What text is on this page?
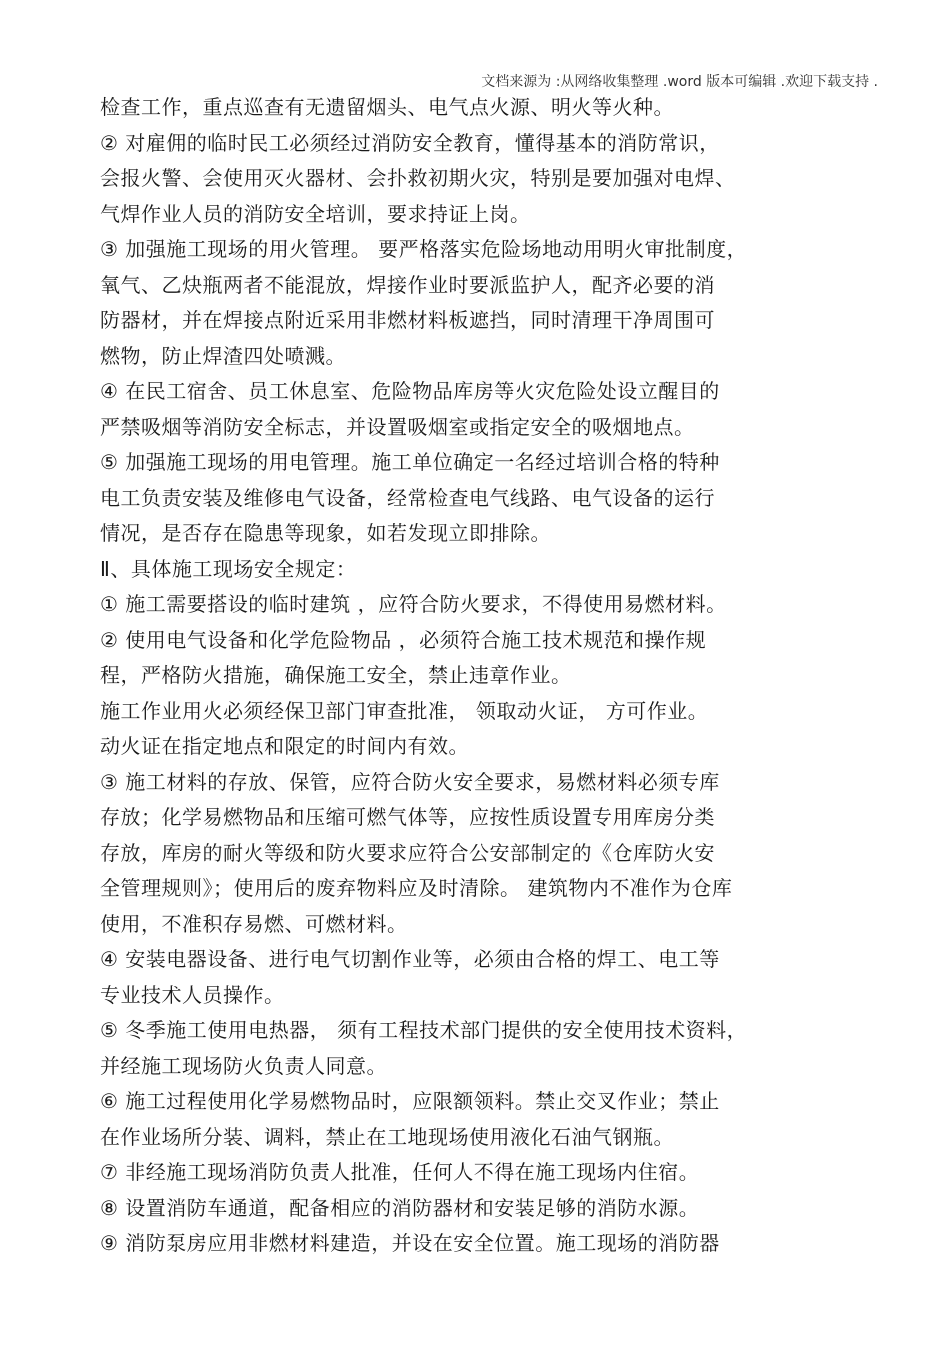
文档来源为 :从网络收集整理 .word 版本可编辑 .欢迎下载支持 .
检查工作，重点巡查有无遗留烟头、电气点火源、明火等火种。
② 对雇佣的临时民工必须经过消防安全教育，懂得基本的消防常识，
会报火警、会使用灭火器材、会扑救初期火灾，特别是要加强对电焊、
气焊作业人员的消防安全培训，要求持证上岗。
③ 加强施工现场的用火管理。 要严格落实危险场地动用明火审批制度，
氧气、乙炔瓶两者不能混放，焊接作业时要派监护人，配齐必要的消
防器材，并在焊接点附近采用非燃材料板遮挡，同时清理干净周围可
燃物，防止焊渣四处喷溅。
④ 在民工宿舍、员工休息室、危险物品库房等火灾危险处设立醒目的
严禁吸烟等消防安全标志，并设置吸烟室或指定安全的吸烟地点。
⑤ 加强施工现场的用电管理。施工单位确定一名经过培训合格的特种
电工负责安装及维修电气设备，经常检查电气线路、电气设备的运行
情况，是否存在隐患等现象，如若发现立即排除。
Ⅱ、具体施工现场安全规定：
① 施工需要搭设的临时建筑 ，应符合防火要求，不得使用易燃材料。
② 使用电气设备和化学危险物品 ，必须符合施工技术规范和操作规
程，严格防火措施，确保施工安全，禁止违章作业。
施工作业用火必须经保卫部门审查批准， 领取动火证， 方可作业。
动火证在指定地点和限定的时间内有效。
③ 施工材料的存放、保管，应符合防火安全要求，易燃材料必须专库
存放；化学易燃物品和压缩可燃气体等，应按性质设置专用库房分类
存放，库房的耐火等级和防火要求应符合公安部制定的《仓库防火安
全管理规则》；使用后的废弃物料应及时清除。 建筑物内不准作为仓库
使用，不准积存易燃、可燃材料。
④ 安装电器设备、进行电气切割作业等，必须由合格的焊工、电工等
专业技术人员操作。
⑤ 冬季施工使用电热器， 须有工程技术部门提供的安全使用技术资料，
并经施工现场防火负责人同意。
⑥ 施工过程使用化学易燃物品时，应限额领料。禁止交叉作业；禁止
在作业场所分装、调料，禁止在工地现场使用液化石油气钢瓶。
⑦ 非经施工现场消防负责人批准，任何人不得在施工现场内住宿。
⑧ 设置消防车通道，配备相应的消防器材和安装足够的消防水源。
⑨ 消防泵房应用非燃材料建造，并设在安全位置。施工现场的消防器
